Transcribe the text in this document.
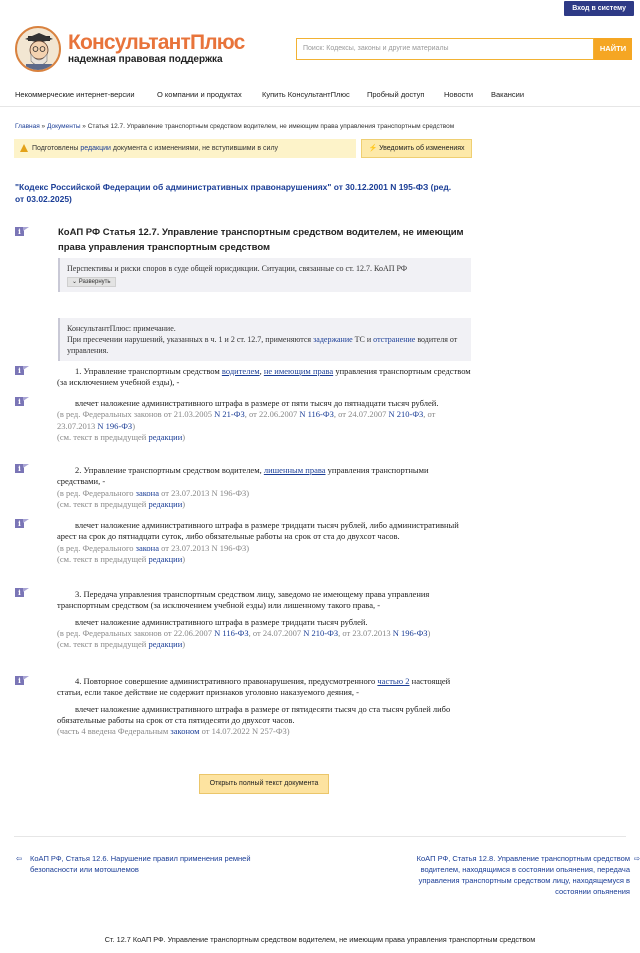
Вход в систему
КонсультантПлюс
надежная правовая поддержка
Поиск: Кодексы, законы и другие материалы	НАЙТИ
Некоммерческие интернет-версии	О компании и продуктах	Купить КонсультантПлюс Пробный доступ	Новости Вакансии
Главная » Документы » Статья 12.7. Управление транспортным средством водителем, не имеющим права управления транспортным средством
Подготовлены редакции документа с изменениями, не вступившими в силу	⚡ Уведомить об изменениях
"Кодекс Российской Федерации об административных правонарушениях" от 30.12.2001 N 195-ФЗ (ред. от 03.02.2025)
i	КоАП РФ Статья 12.7. Управление транспортным средством водителем, не имеющим права управления транспортным средством
Перспективы и риски споров в суде общей юрисдикции. Ситуации, связанные со ст. 12.7. КоАП РФ
⌄ Развернуть
КонсультантПлюс: примечание.
При пресечении нарушений, указанных в ч. 1 и 2 ст. 12.7, применяются задержание ТС и отстранение водителя от управления.
i	1. Управление транспортным средством водителем, не имеющим права управления транспортным средством (за исключением учебной езды), -
i	влечет наложение административного штрафа в размере от пяти тысяч до пятнадцати тысяч рублей.
(в ред. Федеральных законов от 21.03.2005 N 21-ФЗ, от 22.06.2007 N 116-ФЗ, от 24.07.2007 N 210-ФЗ, от 23.07.2013 N 196-ФЗ)
(см. текст в предыдущей редакции)
i	2. Управление транспортным средством водителем, лишенным права управления транспортными средствами, -
(в ред. Федерального закона от 23.07.2013 N 196-ФЗ)
(см. текст в предыдущей редакции)
i	влечет наложение административного штрафа в размере тридцати тысяч рублей, либо административный арест на срок до пятнадцати суток, либо обязательные работы на срок от ста до двухсот часов.
(в ред. Федерального закона от 23.07.2013 N 196-ФЗ)
(см. текст в предыдущей редакции)
i	3. Передача управления транспортным средством лицу, заведомо не имеющему права управления транспортным средством (за исключением учебной езды) или лишенному такого права, -

влечет наложение административного штрафа в размере тридцати тысяч рублей.
(в ред. Федеральных законов от 22.06.2007 N 116-ФЗ, от 24.07.2007 N 210-ФЗ, от 23.07.2013 N 196-ФЗ)
(см. текст в предыдущей редакции)
i	4. Повторное совершение административного правонарушения, предусмотренного частью 2 настоящей статьи, если такое действие не содержит признаков уголовно наказуемого деяния, -

влечет наложение административного штрафа в размере от пятидесяти тысяч до ста тысяч рублей либо обязательные работы на срок от ста пятидесяти до двухсот часов.
(часть 4 введена Федеральным законом от 14.07.2022 N 257-ФЗ)
Открыть полный текст документа
⇦	КоАП РФ, Статья 12.6. Нарушение правил применения ремней безопасности или мотошлемов
⇨
КоАП РФ, Статья 12.8. Управление транспортным средством водителем, находящимся в состоянии опьянения, передача управления транспортным средством лицу, находящемуся в состоянии опьянения
Ст. 12.7 КоАП РФ. Управление транспортным средством водителем, не имеющим права управления транспортным средством
